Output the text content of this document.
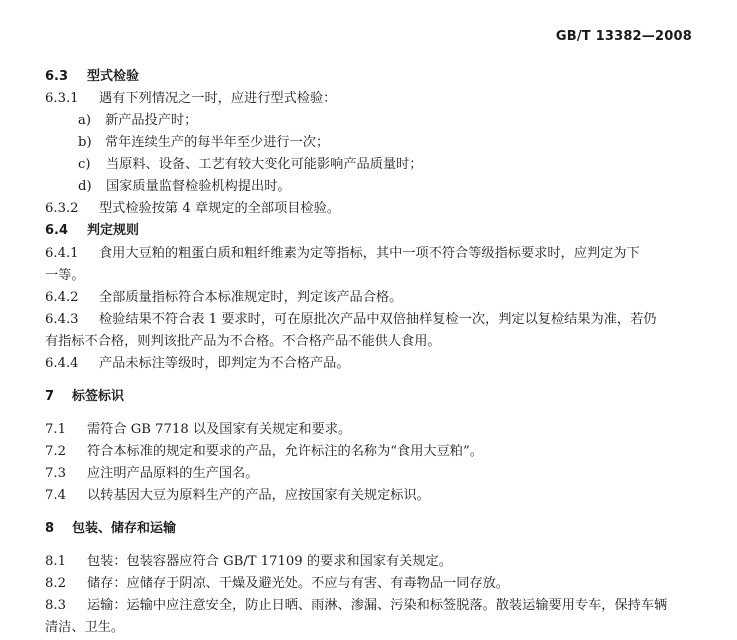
GB/T 13382—2008
6.3 型式检验
6.3.1 遇有下列情况之一时，应进行型式检验：
a) 新产品投产时；
b) 常年连续生产的每半年至少进行一次；
c) 当原料、设备、工艺有较大变化可能影响产品质量时；
d) 国家质量监督检验机构提出时。
6.3.2 型式检验按第 4 章规定的全部项目检验。
6.4 判定规则
6.4.1 食用大豆粕的粗蛋白质和粗纤维素为定等指标，其中一项不符合等级指标要求时，应判定为下
一等。
6.4.2 全部质量指标符合本标准规定时，判定该产品合格。
6.4.3 检验结果不符合表 1 要求时，可在原批次产品中双倍抽样复检一次，判定以复检结果为准，若仍
有指标不合格，则判该批产品为不合格。不合格产品不能供人食用。
6.4.4 产品未标注等级时，即判定为不合格产品。
7 标签标识
7.1 需符合 GB 7718 以及国家有关规定和要求。
7.2 符合本标准的规定和要求的产品，允许标注的名称为“食用大豆粕”。
7.3 应注明产品原料的生产国名。
7.4 以转基因大豆为原料生产的产品，应按国家有关规定标识。
8 包装、储存和运输
8.1 包装：包装容器应符合 GB/T 17109 的要求和国家有关规定。
8.2 储存：应储存于阴凉、干燥及避光处。不应与有害、有毒物品一同存放。
8.3 运输：运输中应注意安全，防止日晒、雨淋、渗漏、污染和标签脱落。散装运输要用专车，保持车辆
清洁、卫生。
